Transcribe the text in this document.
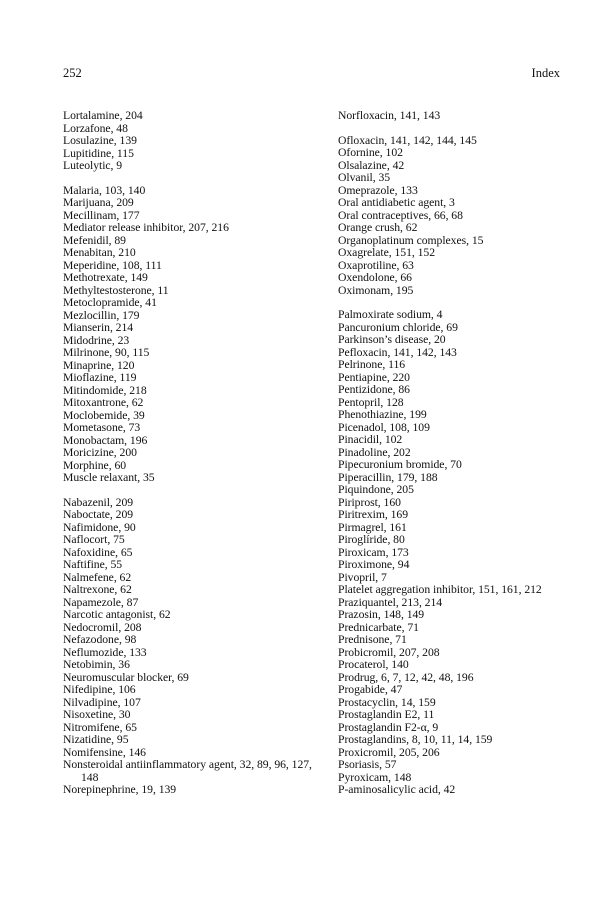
252	Index
Lortalamine, 204
Lorzafone, 48
Losulazine, 139
Lupitidine, 115
Luteolytic, 9
Malaria, 103, 140
Marijuana, 209
Mecillinam, 177
Mediator release inhibitor, 207, 216
Mefenidil, 89
Menabitan, 210
Meperidine, 108, 111
Methotrexate, 149
Methyltestosterone, 11
Metoclopramide, 41
Mezlocillin, 179
Mianserin, 214
Midodrine, 23
Milrinone, 90, 115
Minaprine, 120
Mioflazine, 119
Mitindomide, 218
Mitoxantrone, 62
Moclobemide, 39
Mometasone, 73
Monobactam, 196
Moricizine, 200
Morphine, 60
Muscle relaxant, 35
Nabazenil, 209
Naboctate, 209
Nafimidone, 90
Naflocort, 75
Nafoxidine, 65
Naftifine, 55
Nalmefene, 62
Naltrexone, 62
Napamezole, 87
Narcotic antagonist, 62
Nedocromil, 208
Nefazodone, 98
Neflumozide, 133
Netobimin, 36
Neuromuscular blocker, 69
Nifedipine, 106
Nilvadipine, 107
Nisoxetine, 30
Nitromifene, 65
Nizatidine, 95
Nomifensine, 146
Nonsteroidal antiinflammatory agent, 32, 89, 96, 127, 148
Norepinephrine, 19, 139
Norfloxacin, 141, 143
Ofloxacin, 141, 142, 144, 145
Ofornine, 102
Olsalazine, 42
Olvanil, 35
Omeprazole, 133
Oral antidiabetic agent, 3
Oral contraceptives, 66, 68
Orange crush, 62
Organoplatinum complexes, 15
Oxagrelate, 151, 152
Oxaprotiline, 63
Oxendolone, 66
Oximonam, 195
Palmoxirate sodium, 4
Pancuronium chloride, 69
Parkinson’s disease, 20
Pefloxacin, 141, 142, 143
Pelrinone, 116
Pentiapine, 220
Pentizidone, 86
Pentopril, 128
Phenothiazine, 199
Picenadol, 108, 109
Pinacidil, 102
Pinadoline, 202
Pipecuronium bromide, 70
Piperacillin, 179, 188
Piquindone, 205
Piriprost, 160
Piritrexim, 169
Pirmagrel, 161
Piroglíride, 80
Piroxicam, 173
Piroximone, 94
Pivopril, 7
Platelet aggregation inhibitor, 151, 161, 212
Praziquantel, 213, 214
Prazosin, 148, 149
Prednicarbate, 71
Prednisone, 71
Probicromil, 207, 208
Procaterol, 140
Prodrug, 6, 7, 12, 42, 48, 196
Progabide, 47
Prostacyclin, 14, 159
Prostaglandin E2, 11
Prostaglandin F2-α, 9
Prostaglandins, 8, 10, 11, 14, 159
Proxicromil, 205, 206
Psoriasis, 57
Pyroxicam, 148
P-aminosalicylic acid, 42
